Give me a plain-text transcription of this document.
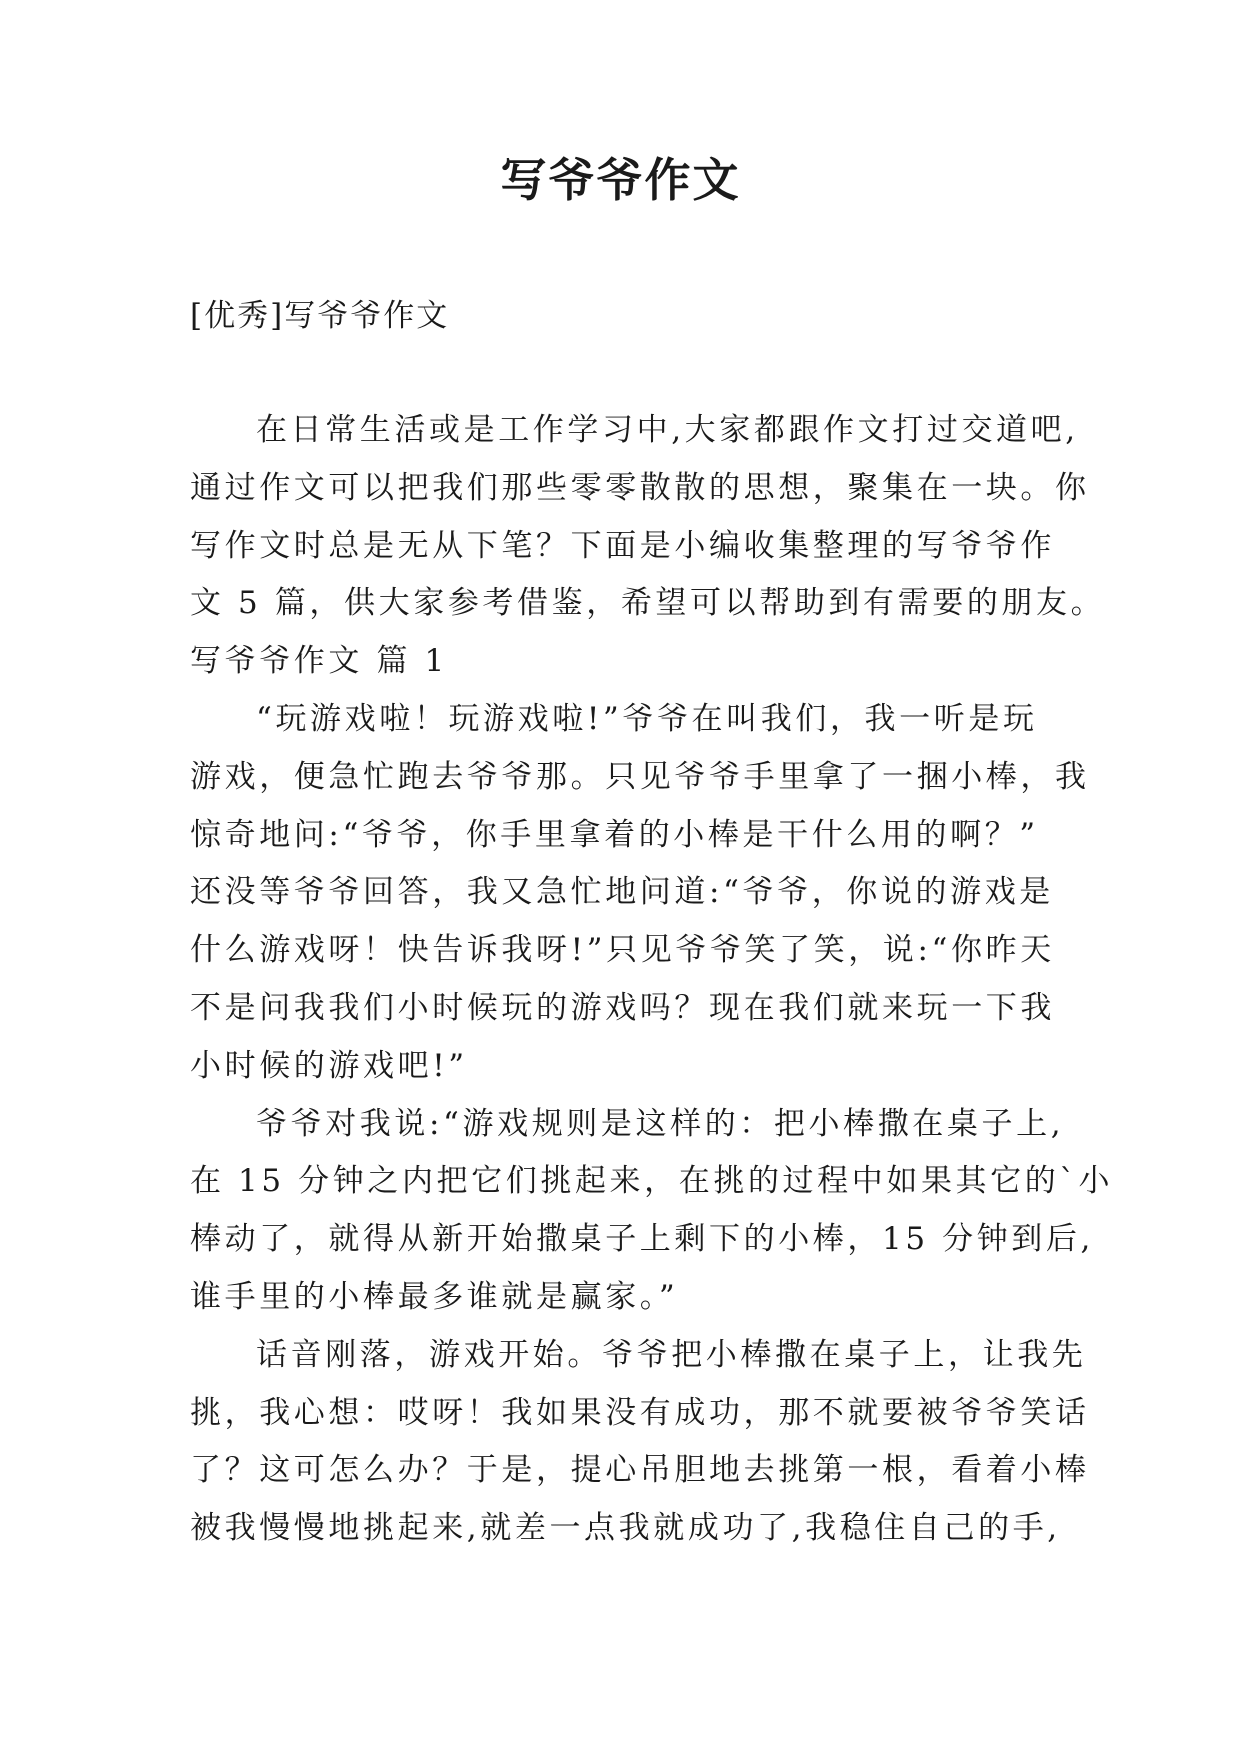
写爷爷作文
[优秀]写爷爷作文
在日常生活或是工作学习中,大家都跟作文打过交道吧,
通过作文可以把我们那些零零散散的思想，聚集在一块。你
写作文时总是无从下笔？下面是小编收集整理的写爷爷作
文 5 篇，供大家参考借鉴，希望可以帮助到有需要的朋友。
写爷爷作文 篇 1
“玩游戏啦！玩游戏啦!”爷爷在叫我们，我一听是玩
游戏，便急忙跑去爷爷那。只见爷爷手里拿了一捆小棒，我
惊奇地问:“爷爷，你手里拿着的小棒是干什么用的啊？”
还没等爷爷回答，我又急忙地问道:“爷爷，你说的游戏是
什么游戏呀！快告诉我呀!”只见爷爷笑了笑，说:“你昨天
不是问我我们小时候玩的游戏吗？现在我们就来玩一下我
小时候的游戏吧!”
爷爷对我说:“游戏规则是这样的：把小棒撒在桌子上,
在 15 分钟之内把它们挑起来，在挑的过程中如果其它的`小
棒动了，就得从新开始撒桌子上剩下的小棒，15 分钟到后,
谁手里的小棒最多谁就是赢家。”
话音刚落，游戏开始。爷爷把小棒撒在桌子上，让我先
挑，我心想：哎呀！我如果没有成功，那不就要被爷爷笑话
了？这可怎么办？于是，提心吊胆地去挑第一根，看着小棒
被我慢慢地挑起来,就差一点我就成功了,我稳住自己的手,
